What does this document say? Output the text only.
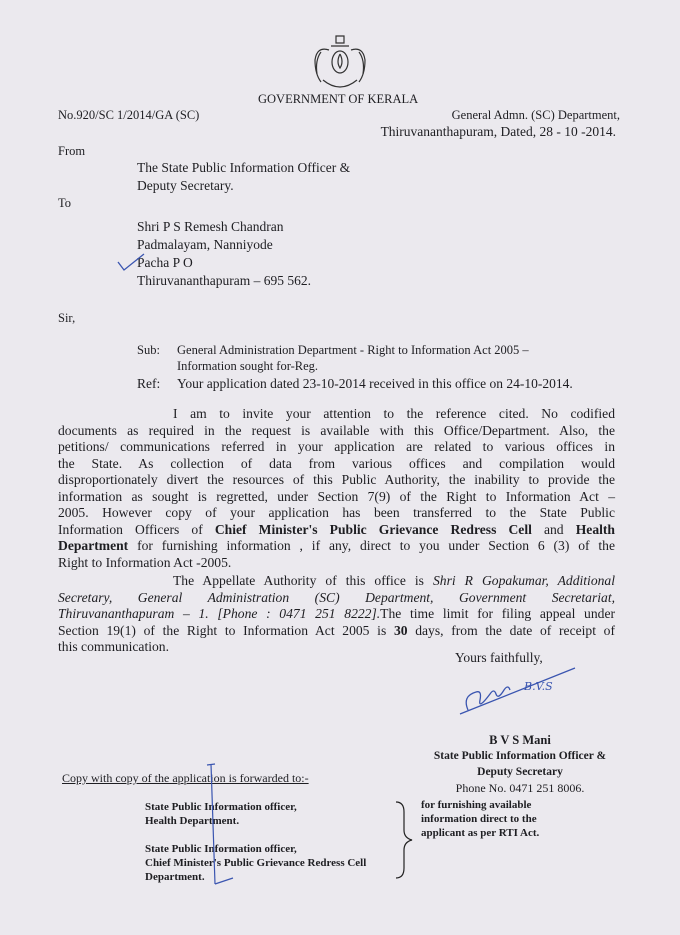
GOVERNMENT OF KERALA
No.920/SC 1/2014/GA (SC)	General Admn. (SC) Department,
Thiruvananthapuram, Dated, 28 - 10 -2014.
From
The State Public Information Officer &
Deputy Secretary.
To
Shri P S Remesh Chandran
Padmalayam, Nanniyode
Pacha P O
Thiruvananthapuram – 695 562.
Sir,
Sub: General Administration Department - Right to Information Act 2005 –
Information sought for-Reg.
Ref: Your application dated 23-10-2014 received in this office on 24-10-2014.
I am to invite your attention to the reference cited. No codified
documents as required in the request is available with this Office/Department. Also, the
petitions/ communications referred in your application are related to various offices in
the State. As collection of data from various offices and compilation would
disproportionately divert the resources of this Public Authority, the inability to provide the
information as sought is regretted, under Section 7(9) of the Right to Information Act –
2005. However copy of your application has been transferred to the State Public
Information Officers of Chief Minister's Public Grievance Redress Cell and Health
Department for furnishing information , if any, direct to you under Section 6 (3) of the
Right to Information Act -2005.
The Appellate Authority of this office is Shri R Gopakumar, Additional
Secretary, General Administration (SC) Department, Government Secretariat,
Thiruvananthapuram – 1. [Phone : 0471 251 8222].The time limit for filing appeal under
Section 19(1) of the Right to Information Act 2005 is 30 days, from the date of receipt of
this communication.
Yours faithfully,
B.V.S
B V S Mani
State Public Information Officer &
Deputy Secretary
Phone No. 0471 251 8006.
Copy with copy of the application is forwarded to:-
State Public Information officer,
Health Department.
State Public Information officer,
Chief Minister's Public Grievance Redress Cell
Department.
for furnishing available
information direct to the
applicant as per RTI Act.
